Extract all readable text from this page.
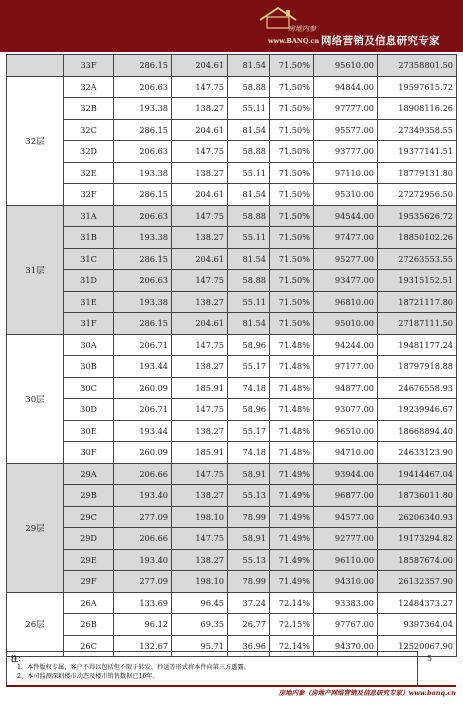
房地内参
www.BANQ.cn 网络营销及信息研究专家
	33F	286.15	204.61	81.54	71.50%	95610.00	27358801.50
32层	32A	206.63	147.75	58.88	71.50%	94844.00	19597615.72
	32B	193.38	138.27	55.11	71.50%	97777.00	18908116.26
	32C	286.15	204.61	81.54	71.50%	95577.00	27349358.55
	32D	206.63	147.75	58.88	71.50%	93777.00	19377141.51
	32E	193.38	138.27	55.11	71.50%	97110.00	18779131.80
	32F	286.15	204.61	81.54	71.50%	95310.00	27272956.50
31层	31A	206.63	147.75	58.88	71.50%	94544.00	19535626.72
	31B	193.38	138.27	55.11	71.50%	97477.00	18850102.26
	31C	286.15	204.61	81.54	71.50%	95277.00	27263553.55
	31D	206.63	147.75	58.88	71.50%	93477.00	19315152.51
	31E	193.38	138.27	55.11	71.50%	96810.00	18721117.80
	31F	286.15	204.61	81.54	71.50%	95010.00	27187111.50
30层	30A	206.71	147.75	58.96	71.48%	94244.00	19481177.24
	30B	193.44	138.27	55.17	71.48%	97177.00	18797918.88
	30C	260.09	185.91	74.18	71.48%	94877.00	24676558.93
	30D	206.71	147.75	58.96	71.48%	93077.00	19239946.67
	30E	193.44	138.27	55.17	71.48%	96510.00	18668894.40
	30F	260.09	185.91	74.18	71.48%	94710.00	24633123.90
29层	29A	206.66	147.75	58.91	71.49%	93944.00	19414467.04
	29B	193.40	138.27	55.13	71.49%	96877.00	18736011.80
	29C	277.09	198.10	78.99	71.49%	94577.00	26206340.93
	29D	206.66	147.75	58.91	71.49%	92777.00	19173294.82
	29E	193.40	138.27	55.13	71.49%	96110.00	18587674.00
	29F	277.09	198.10	78.99	71.49%	94310.00	26132357.90
26层	26A	133.69	96.45	37.24	72.14%	93383.00	12484373.27
	26B	96.12	69.35	26.77	72.15%	97767.00	9397364.04
	26C	132.67	95.71	36.96	72.14%	94370.00	12520067.90
注：
1、本件版权专属，客户不得以包括但不限于转发、抄送等形式将本件向第三方透露。
2、本司监测深圳楼市动态及楼市销售数据已16年。
5
房地内参（房地产网络营销及信息研究专家）www.banq.cn
